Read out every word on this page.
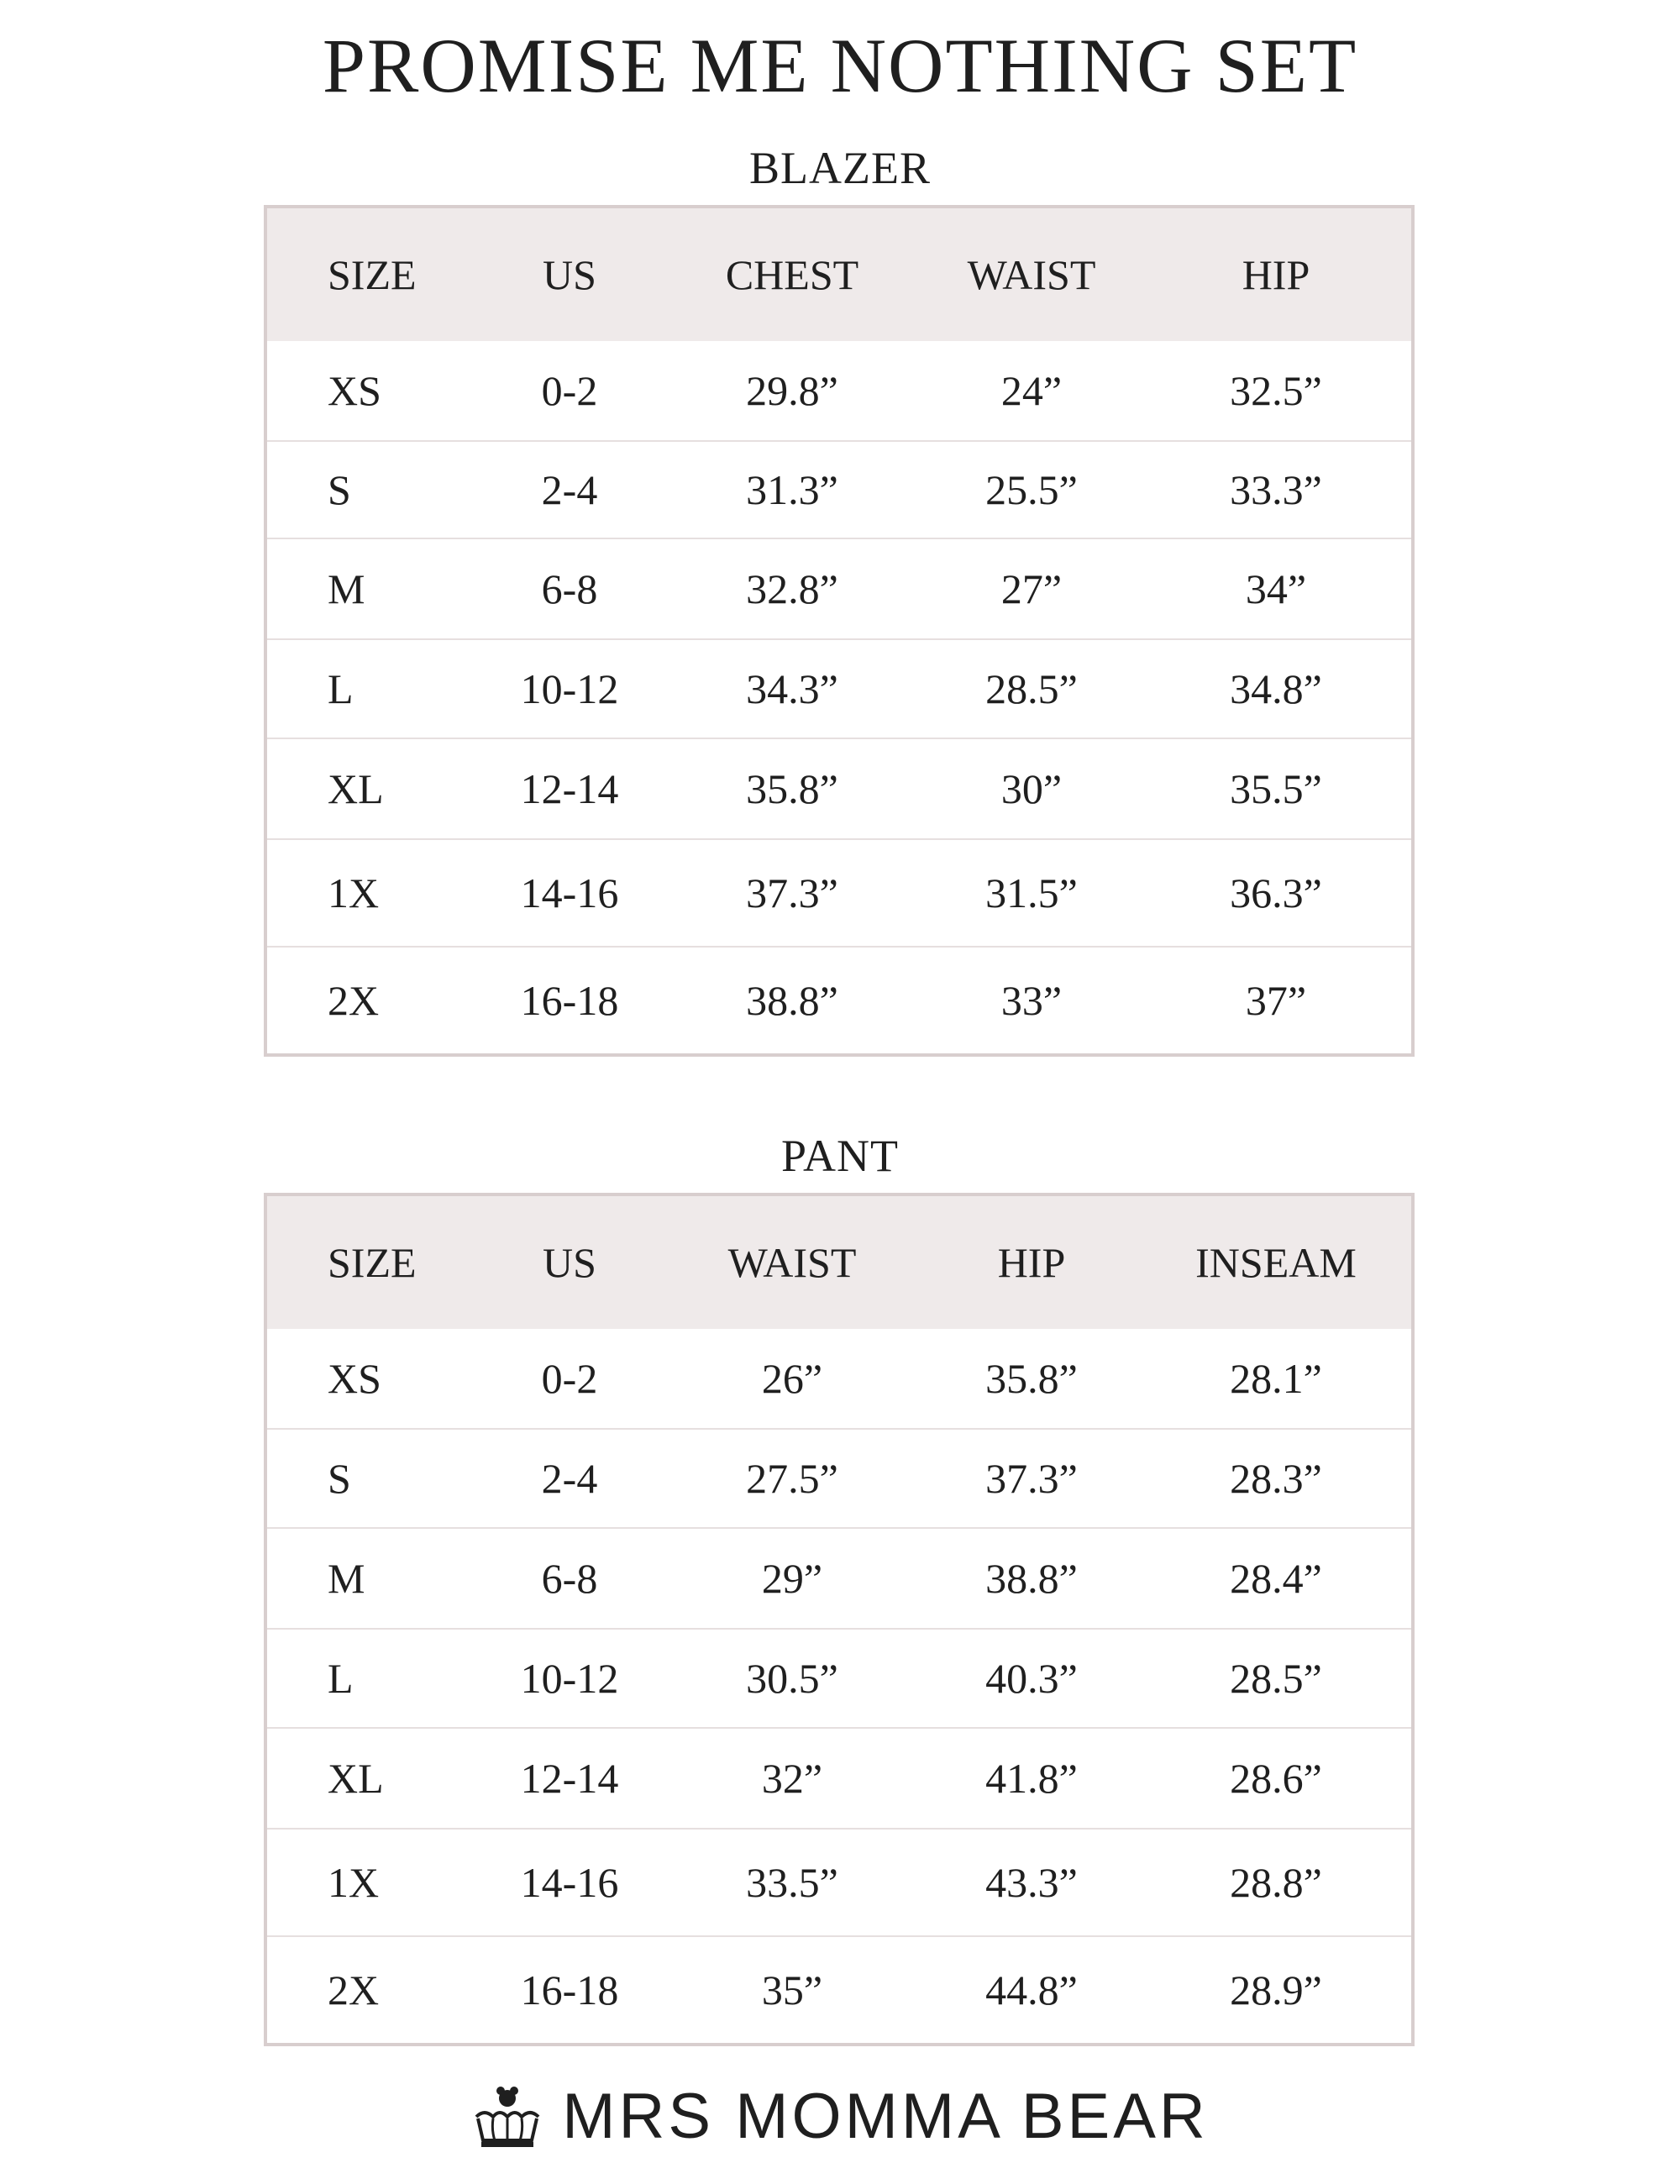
PROMISE ME NOTHING SET
BLAZER
SIZE	US	CHEST	WAIST	HIP
XS	0-2	29.8”	24”	32.5”
S	2-4	31.3”	25.5”	33.3”
M	6-8	32.8”	27”	34”
L	10-12	34.3”	28.5”	34.8”
XL	12-14	35.8”	30”	35.5”
1X	14-16	37.3”	31.5”	36.3”
2X	16-18	38.8”	33”	37”
PANT
SIZE	US	WAIST	HIP	INSEAM
XS	0-2	26”	35.8”	28.1”
S	2-4	27.5”	37.3”	28.3”
M	6-8	29”	38.8”	28.4”
L	10-12	30.5”	40.3”	28.5”
XL	12-14	32”	41.8”	28.6”
1X	14-16	33.5”	43.3”	28.8”
2X	16-18	35”	44.8”	28.9”
MRS MOMMA BEAR
